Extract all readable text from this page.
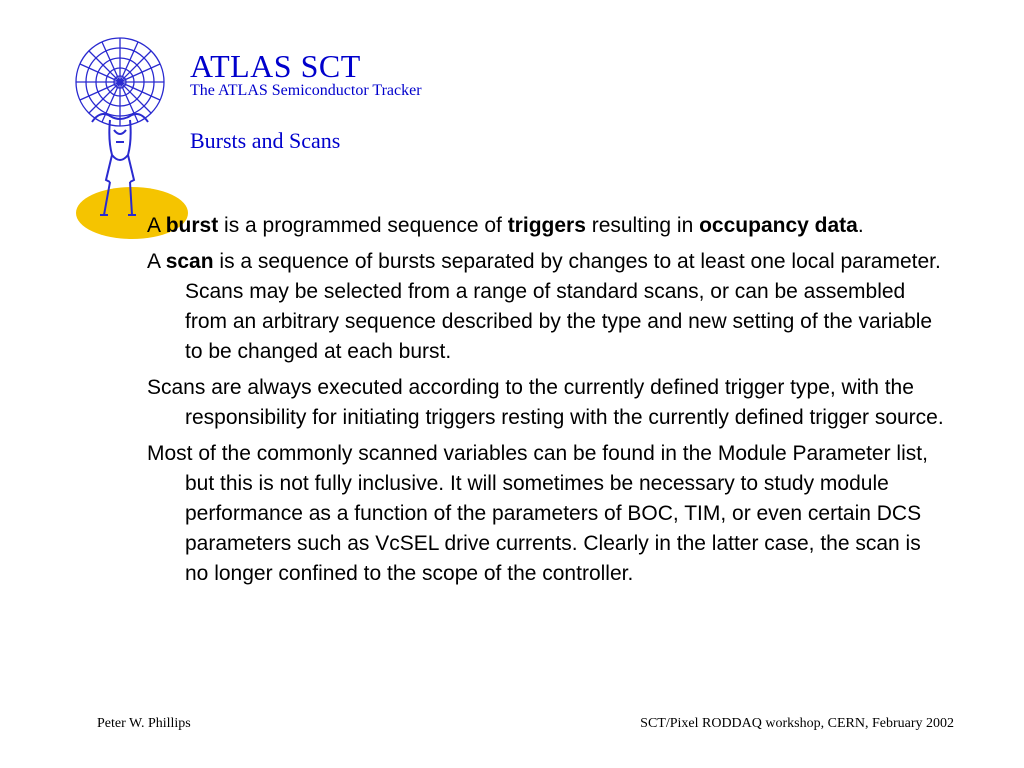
ATLAS SCT
The ATLAS Semiconductor Tracker
Bursts and Scans

A burst is a programmed sequence of triggers resulting in occupancy data.

A scan is a sequence of bursts separated by changes to at least one local parameter. Scans may be selected from a range of standard scans, or can be assembled from an arbitrary sequence described by the type and new setting of the variable to be changed at each burst.

Scans are always executed according to the currently defined trigger type, with the responsibility for initiating triggers resting with the currently defined trigger source.

Most of the commonly scanned variables can be found in the Module Parameter list, but this is not fully inclusive. It will sometimes be necessary to study module performance as a function of the parameters of BOC, TIM, or even certain DCS parameters such as VcSEL drive currents. Clearly in the latter case, the scan is no longer confined to the scope of the controller.

Peter W. Phillips	SCT/Pixel RODDAQ workshop, CERN, February 2002
